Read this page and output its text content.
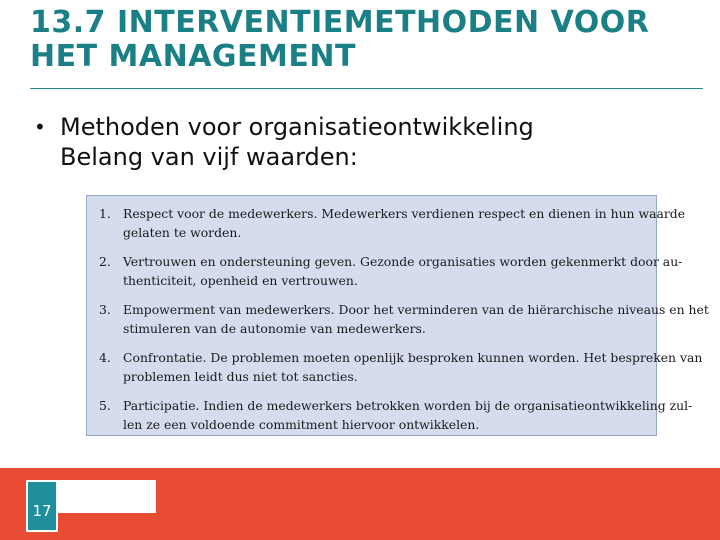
13.7 INTERVENTIEMETHODEN VOOR
HET MANAGEMENT
• Methoden voor organisatieontwikkeling
Belang van vijf waarden:
1. Respect voor de medewerkers. Medewerkers verdienen respect en dienen in hun waarde
gelaten te worden.
2. Vertrouwen en ondersteuning geven. Gezonde organisaties worden gekenmerkt door au-
thenticiteit, openheid en vertrouwen.
3. Empowerment van medewerkers. Door het verminderen van de hiërarchische niveaus en het
stimuleren van de autonomie van medewerkers.
4. Confrontatie. De problemen moeten openlijk besproken kunnen worden. Het bespreken van
problemen leidt dus niet tot sancties.
5. Participatie. Indien de medewerkers betrokken worden bij de organisatieontwikkeling zul-
len ze een voldoende commitment hiervoor ontwikkelen.
17
